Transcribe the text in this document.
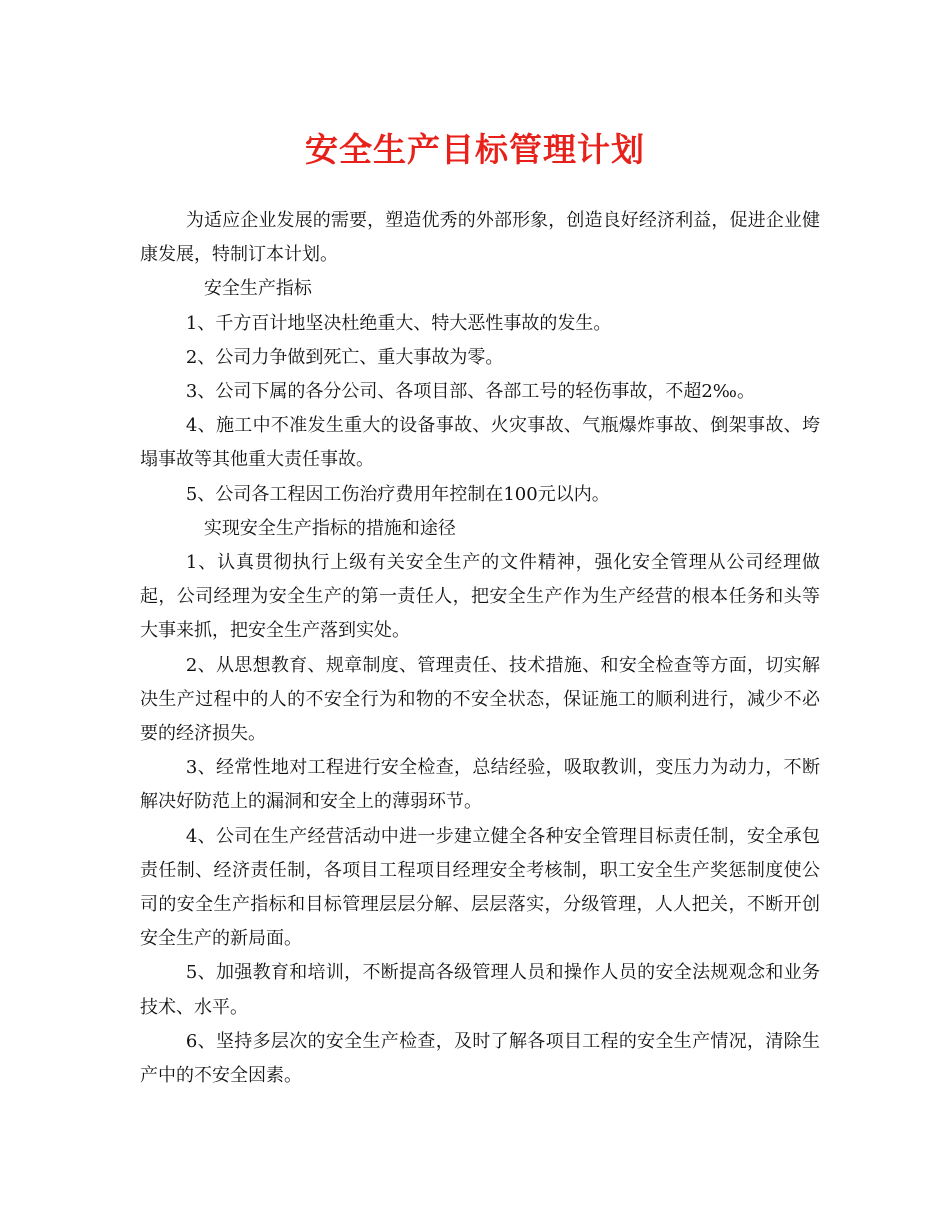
安全生产目标管理计划

为适应企业发展的需要，塑造优秀的外部形象，创造良好经济利益，促进企业健康发展，特制订本计划。

安全生产指标

1、千方百计地坚决杜绝重大、特大恶性事故的发生。

2、公司力争做到死亡、重大事故为零。

3、公司下属的各分公司、各项目部、各部工号的轻伤事故，不超2‰。

4、施工中不准发生重大的设备事故、火灾事故、气瓶爆炸事故、倒架事故、垮塌事故等其他重大责任事故。

5、公司各工程因工伤治疗费用年控制在100元以内。

实现安全生产指标的措施和途径

1、认真贯彻执行上级有关安全生产的文件精神，强化安全管理从公司经理做起，公司经理为安全生产的第一责任人，把安全生产作为生产经营的根本任务和头等大事来抓，把安全生产落到实处。

2、从思想教育、规章制度、管理责任、技术措施、和安全检查等方面，切实解决生产过程中的人的不安全行为和物的不安全状态，保证施工的顺利进行，减少不必要的经济损失。

3、经常性地对工程进行安全检查，总结经验，吸取教训，变压力为动力，不断解决好防范上的漏洞和安全上的薄弱环节。

4、公司在生产经营活动中进一步建立健全各种安全管理目标责任制，安全承包责任制、经济责任制，各项目工程项目经理安全考核制，职工安全生产奖惩制度使公司的安全生产指标和目标管理层层分解、层层落实，分级管理，人人把关，不断开创安全生产的新局面。

5、加强教育和培训，不断提高各级管理人员和操作人员的安全法规观念和业务技术、水平。

6、坚持多层次的安全生产检查，及时了解各项目工程的安全生产情况，清除生产中的不安全因素。
